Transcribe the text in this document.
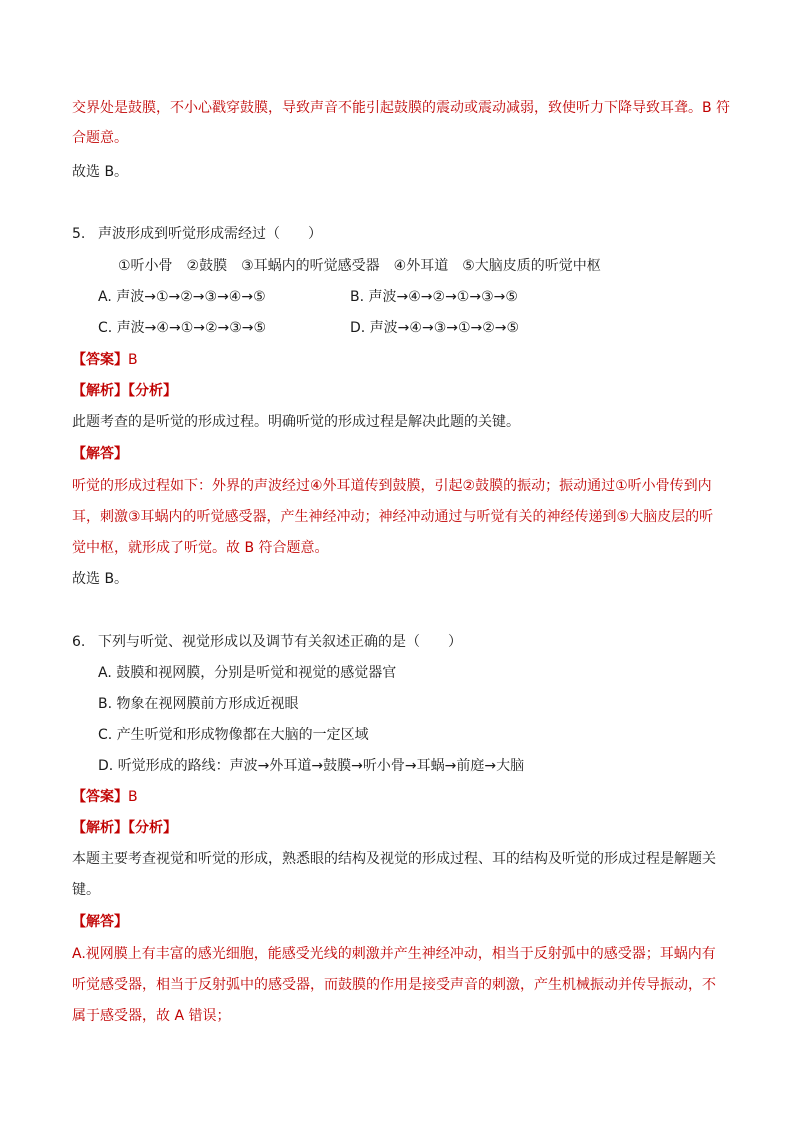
交界处是鼓膜，不小心戳穿鼓膜，导致声音不能引起鼓膜的震动或震动减弱，致使听力下降导致耳聋。B 符
合题意。
故选 B。
5. 声波形成到听觉形成需经过（　　）
①听小骨　②鼓膜　③耳蜗内的听觉感受器　④外耳道　⑤大脑皮质的听觉中枢
A. 声波→①→②→③→④→⑤	B. 声波→④→②→①→③→⑤
C. 声波→④→①→②→③→⑤	D. 声波→④→③→①→②→⑤
【答案】B
【解析】【分析】
此题考查的是听觉的形成过程。明确听觉的形成过程是解决此题的关键。
【解答】
听觉的形成过程如下：外界的声波经过④外耳道传到鼓膜，引起②鼓膜的振动；振动通过①听小骨传到内
耳，刺激③耳蜗内的听觉感受器，产生神经冲动；神经冲动通过与听觉有关的神经传递到⑤大脑皮层的听
觉中枢，就形成了听觉。故 B 符合题意。
故选 B。
6. 下列与听觉、视觉形成以及调节有关叙述正确的是（　　）
A. 鼓膜和视网膜，分别是听觉和视觉的感觉器官
B. 物象在视网膜前方形成近视眼
C. 产生听觉和形成物像都在大脑的一定区域
D. 听觉形成的路线：声波→外耳道→鼓膜→听小骨→耳蜗→前庭→大脑
【答案】B
【解析】【分析】
本题主要考查视觉和听觉的形成，熟悉眼的结构及视觉的形成过程、耳的结构及听觉的形成过程是解题关
键。
【解答】
A.视网膜上有丰富的感光细胞，能感受光线的刺激并产生神经冲动，相当于反射弧中的感受器；耳蜗内有
听觉感受器，相当于反射弧中的感受器，而鼓膜的作用是接受声音的刺激，产生机械振动并传导振动，不
属于感受器，故 A 错误；
